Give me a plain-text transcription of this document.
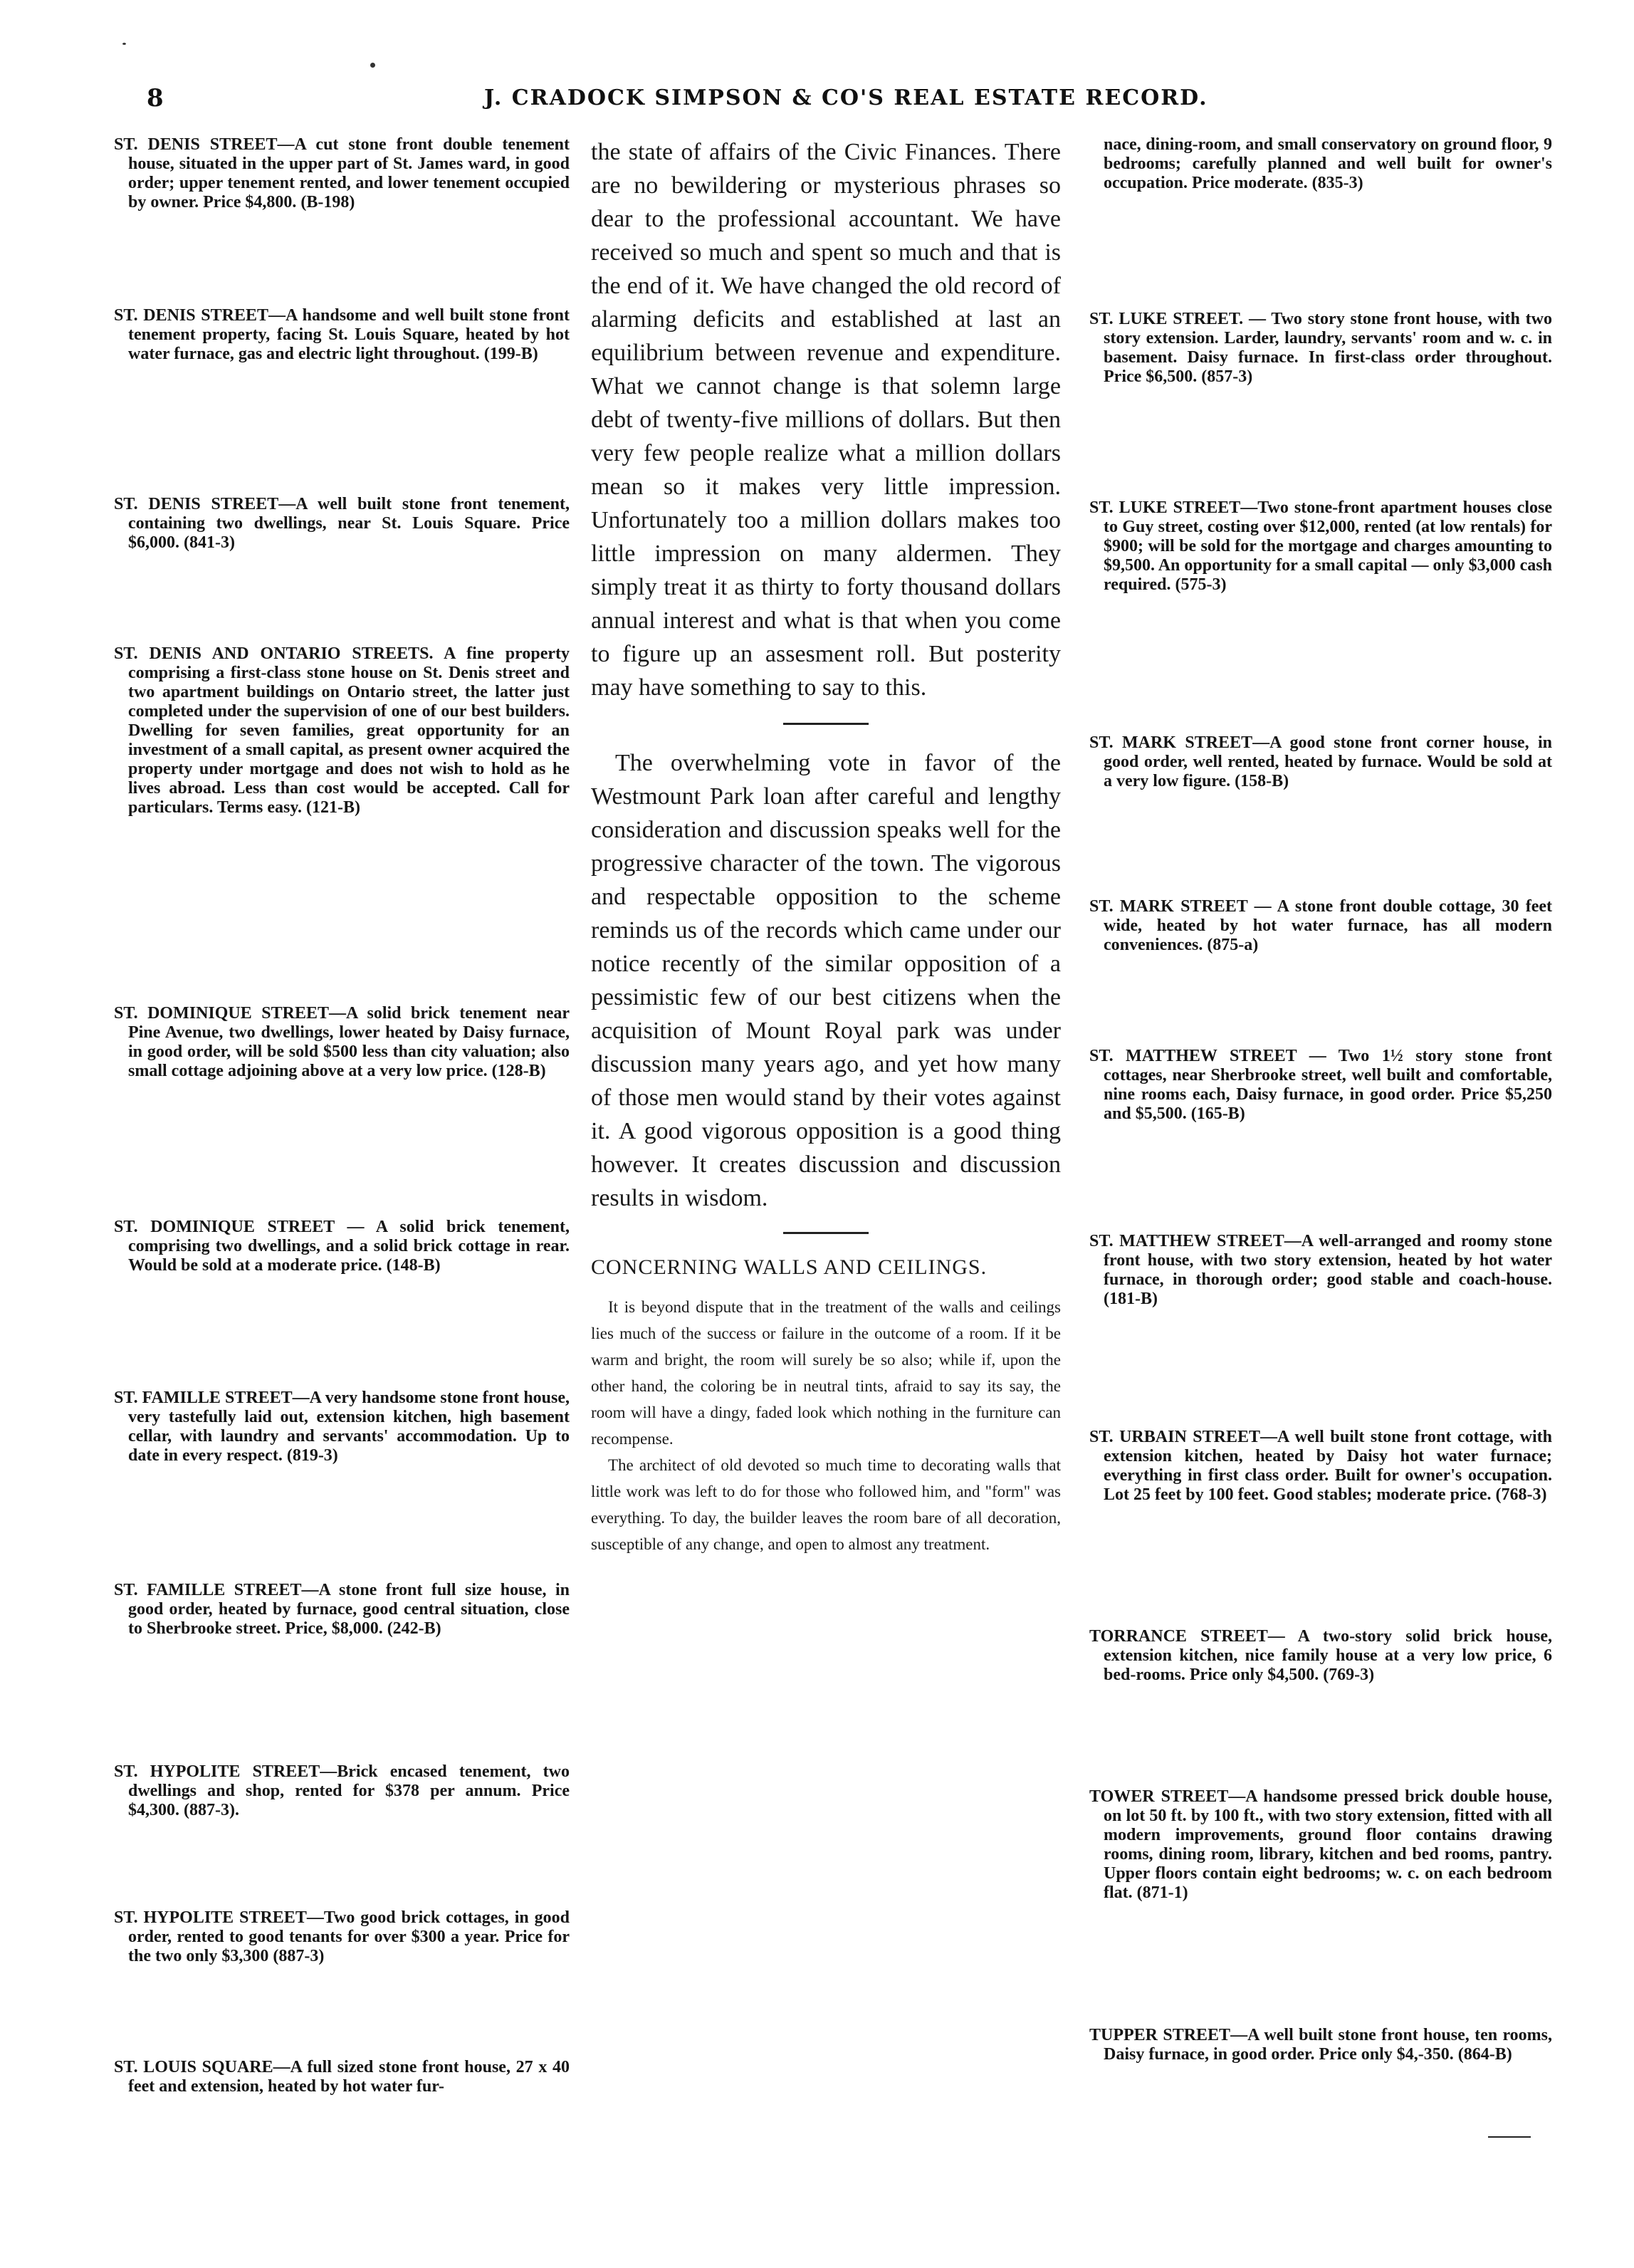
8	J. CRADOCK SIMPSON & CO'S REAL ESTATE RECORD.

ST. DENIS STREET—A cut stone front double tenement house, situated in the upper part of St. James ward, in good order; upper tenement rented, and lower tenement occupied by owner. Price $4,800. (B-198)

ST. DENIS STREET—A handsome and well built stone front tenement property, facing St. Louis Square, heated by hot water furnace, gas and electric light throughout. (199-B)

ST. DENIS STREET—A well built stone front tenement, containing two dwellings, near St. Louis Square. Price $6,000. (841-3)

ST. DENIS AND ONTARIO STREETS. A fine property comprising a first-class stone house on St. Denis street and two apartment buildings on Ontario street, the latter just completed under the supervision of one of our best builders. Dwelling for seven families, great opportunity for an investment of a small capital, as present owner acquired the property under mortgage and does not wish to hold as he lives abroad. Less than cost would be accepted. Call for particulars. Terms easy. (121-B)

ST. DOMINIQUE STREET—A solid brick tenement near Pine Avenue, two dwellings, lower heated by Daisy furnace, in good order, will be sold $500 less than city valuation; also small cottage adjoining above at a very low price. (128-B)

ST. DOMINIQUE STREET — A solid brick tenement, comprising two dwellings, and a solid brick cottage in rear. Would be sold at a moderate price. (148-B)

ST. FAMILLE STREET—A very handsome stone front house, very tastefully laid out, extension kitchen, high basement cellar, with laundry and servants' accommodation. Up to date in every respect. (819-3)

ST. FAMILLE STREET—A stone front full size house, in good order, heated by furnace, good central situation, close to Sherbrooke street. Price, $8,000. (242-B)

ST. HYPOLITE STREET—Brick encased tenement, two dwellings and shop, rented for $378 per annum. Price $4,300. (887-3).

ST. HYPOLITE STREET—Two good brick cottages, in good order, rented to good tenants for over $300 a year. Price for the two only $3,300 (887-3)

ST. LOUIS SQUARE—A full sized stone front house, 27 x 40 feet and extension, heated by hot water fur-

the state of affairs of the Civic Finances. There are no bewildering or mysterious phrases so dear to the professional accountant. We have received so much and spent so much and that is the end of it. We have changed the old record of alarming deficits and established at last an equilibrium between revenue and expenditure. What we cannot change is that solemn large debt of twenty-five millions of dollars. But then very few people realize what a million dollars mean so it makes very little impression. Unfortunately too a million dollars makes too little impression on many aldermen. They simply treat it as thirty to forty thousand dollars annual interest and what is that when you come to figure up an assesment roll. But posterity may have something to say to this.

The overwhelming vote in favor of the Westmount Park loan after careful and lengthy consideration and discussion speaks well for the progressive character of the town. The vigorous and respectable opposition to the scheme reminds us of the records which came under our notice recently of the similar opposition of a pessimistic few of our best citizens when the acquisition of Mount Royal park was under discussion many years ago, and yet how many of those men would stand by their votes against it. A good vigorous opposition is a good thing however. It creates discussion and discussion results in wisdom.

CONCERNING WALLS AND CEILINGS.

It is beyond dispute that in the treatment of the walls and ceilings lies much of the success or failure in the outcome of a room. If it be warm and bright, the room will surely be so also; while if, upon the other hand, the coloring be in neutral tints, afraid to say its say, the room will have a dingy, faded look which nothing in the furniture can recompense.

The architect of old devoted so much time to decorating walls that little work was left to do for those who followed him, and "form" was everything. To day, the builder leaves the room bare of all decoration, susceptible of any change, and open to almost any treatment.

nace, dining-room, and small conservatory on ground floor, 9 bedrooms; carefully planned and well built for owner's occupation. Price moderate. (835-3)

ST. LUKE STREET. — Two story stone front house, with two story extension. Larder, laundry, servants' room and w. c. in basement. Daisy furnace. In first-class order throughout. Price $6,500. (857-3)

ST. LUKE STREET—Two stone-front apartment houses close to Guy street, costing over $12,000, rented (at low rentals) for $900; will be sold for the mortgage and charges amounting to $9,500. An opportunity for a small capital — only $3,000 cash required. (575-3)

ST. MARK STREET—A good stone front corner house, in good order, well rented, heated by furnace. Would be sold at a very low figure. (158-B)

ST. MARK STREET — A stone front double cottage, 30 feet wide, heated by hot water furnace, has all modern conveniences. (875-a)

ST. MATTHEW STREET — Two 1½ story stone front cottages, near Sherbrooke street, well built and comfortable, nine rooms each, Daisy furnace, in good order. Price $5,250 and $5,500. (165-B)

ST. MATTHEW STREET—A well-arranged and roomy stone front house, with two story extension, heated by hot water furnace, in thorough order; good stable and coach-house. (181-B)

ST. URBAIN STREET—A well built stone front cottage, with extension kitchen, heated by Daisy hot water furnace; everything in first class order. Built for owner's occupation. Lot 25 feet by 100 feet. Good stables; moderate price. (768-3)

TORRANCE STREET— A two-story solid brick house, extension kitchen, nice family house at a very low price, 6 bed-rooms. Price only $4,500. (769-3)

TOWER STREET—A handsome pressed brick double house, on lot 50 ft. by 100 ft., with two story extension, fitted with all modern improvements, ground floor contains drawing rooms, dining room, library, kitchen and bed rooms, pantry. Upper floors contain eight bedrooms; w. c. on each bedroom flat. (871-1)

TUPPER STREET—A well built stone front house, ten rooms, Daisy furnace, in good order. Price only $4,-350. (864-B)
